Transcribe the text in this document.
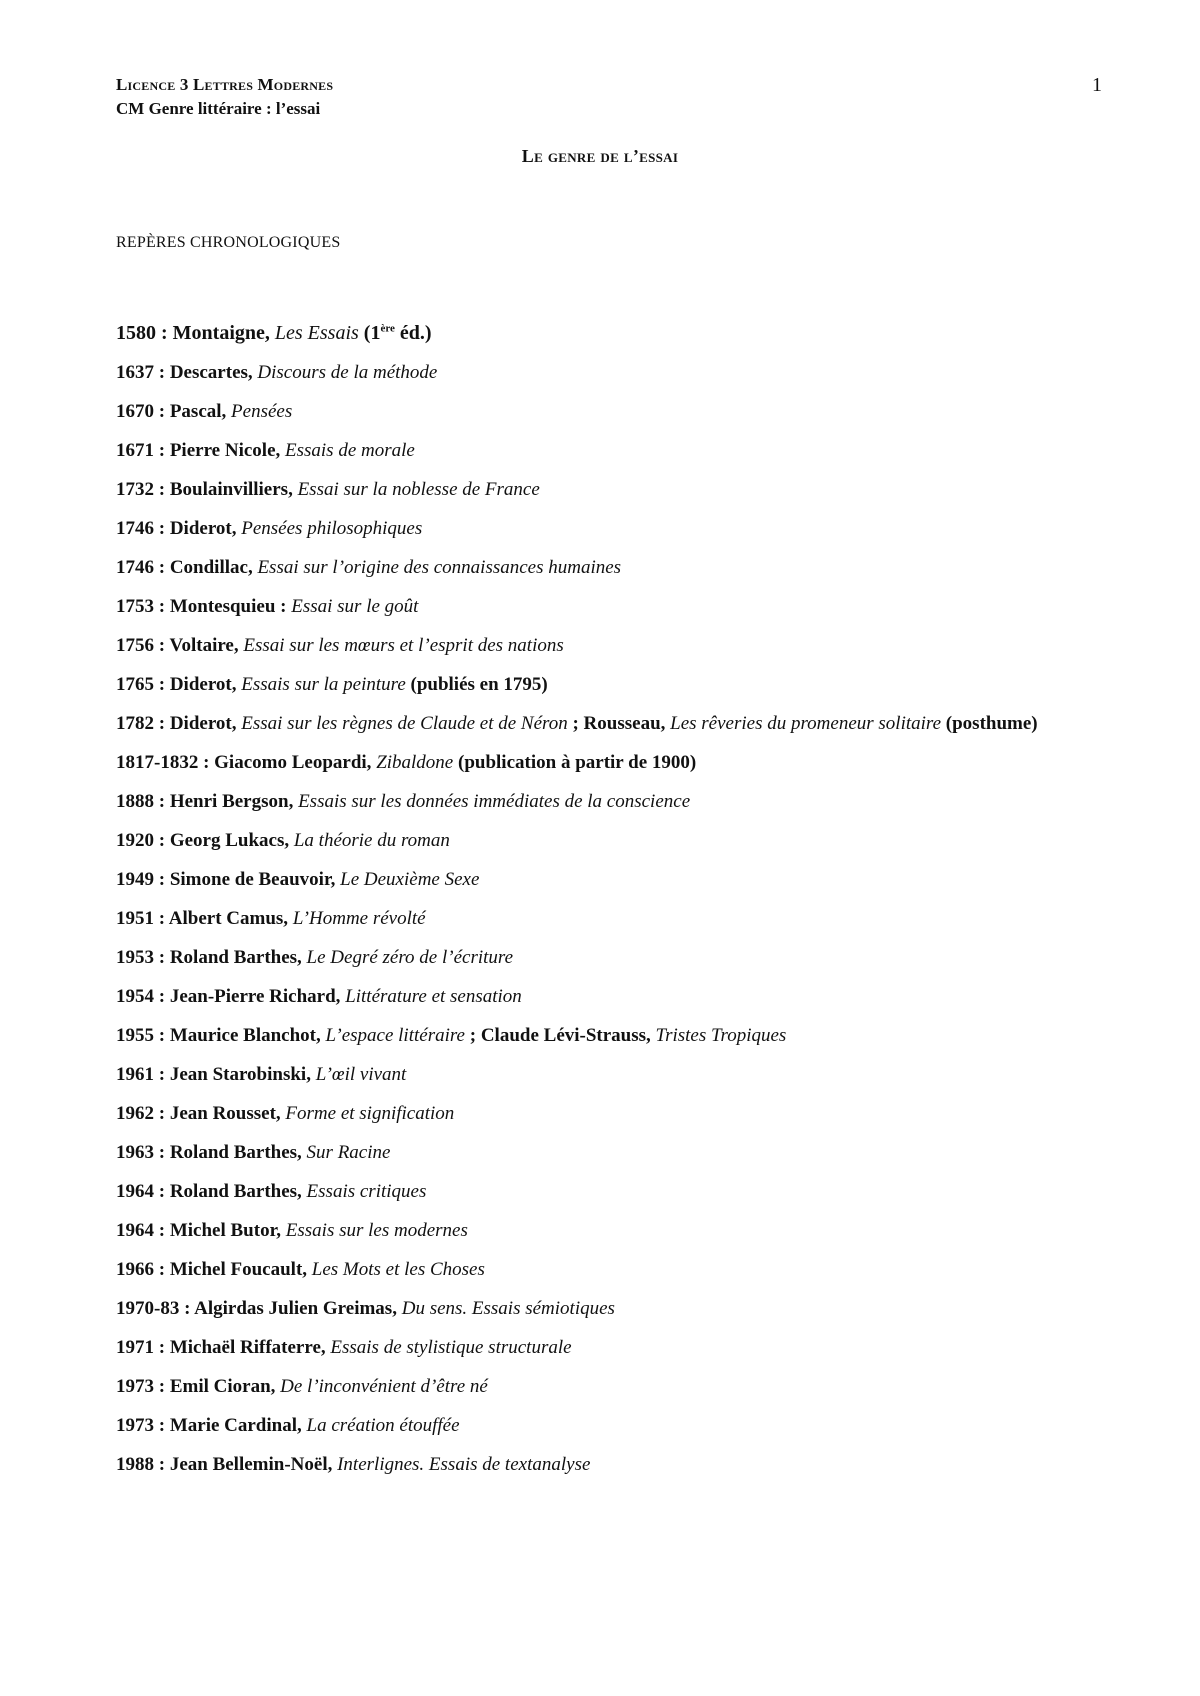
Licence 3 Lettres Modernes
CM Genre littéraire : l’essai
1
Le genre de l’essai
REPÈRES CHRONOLOGIQUES

1580 : Montaigne, Les Essais (1ère éd.)

1637 : Descartes, Discours de la méthode

1670 : Pascal, Pensées

1671 : Pierre Nicole, Essais de morale

1732 : Boulainvilliers, Essai sur la noblesse de France

1746 : Diderot, Pensées philosophiques

1746 : Condillac, Essai sur l’origine des connaissances humaines

1753 : Montesquieu : Essai sur le goût

1756 : Voltaire, Essai sur les mœurs et l’esprit des nations

1765 : Diderot, Essais sur la peinture (publiés en 1795)

1782 : Diderot, Essai sur les règnes de Claude et de Néron ; Rousseau, Les rêveries du promeneur solitaire (posthume)

1817-1832 : Giacomo Leopardi, Zibaldone (publication à partir de 1900)

1888 : Henri Bergson, Essais sur les données immédiates de la conscience

1920 : Georg Lukacs, La théorie du roman

1949 : Simone de Beauvoir, Le Deuxième Sexe

1951 : Albert Camus, L’Homme révolté

1953 : Roland Barthes, Le Degré zéro de l’écriture

1954 : Jean-Pierre Richard, Littérature et sensation

1955 : Maurice Blanchot, L’espace littéraire ; Claude Lévi-Strauss, Tristes Tropiques

1961 : Jean Starobinski, L’œil vivant

1962 : Jean Rousset, Forme et signification

1963 : Roland Barthes, Sur Racine

1964 : Roland Barthes, Essais critiques

1964 : Michel Butor, Essais sur les modernes

1966 : Michel Foucault, Les Mots et les Choses

1970-83 : Algirdas Julien Greimas, Du sens. Essais sémiotiques

1971 : Michaël Riffaterre, Essais de stylistique structurale

1973 : Emil Cioran, De l’inconvénient d’être né

1973 : Marie Cardinal, La création étouffée

1988 : Jean Bellemin-Noël, Interlignes. Essais de textanalyse
